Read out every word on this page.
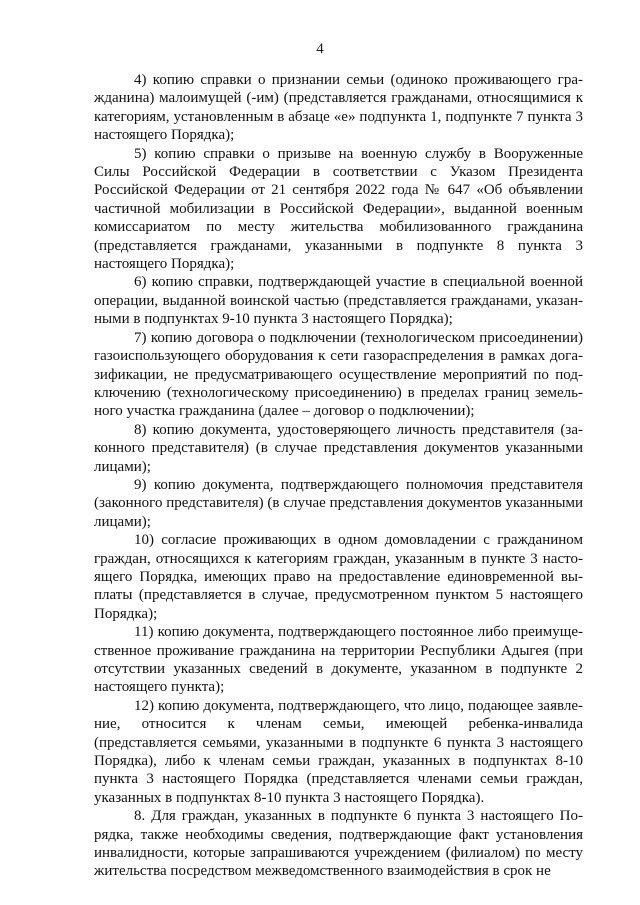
4

4) копию справки о признании семьи (одиноко проживающего гражданина) малоимущей (-им) (представляется гражданами, относящимися к категориям, установленным в абзаце «е» подпункта 1, подпункте 7 пункта 3 настоящего Порядка);

5) копию справки о призыве на военную службу в Вооруженные Силы Российской Федерации в соответствии с Указом Президента Российской Федерации от 21 сентября 2022 года № 647 «Об объявлении частичной мобилизации в Российской Федерации», выданной военным комиссариатом по месту жительства мобилизованного гражданина (представляется гражданами, указанными в подпункте 8 пункта 3 настоящего Порядка);

6) копию справки, подтверждающей участие в специальной военной операции, выданной воинской частью (представляется гражданами, указанными в подпунктах 9-10 пункта 3 настоящего Порядка);

7) копию договора о подключении (технологическом присоединении) газоиспользующего оборудования к сети газораспределения в рамках догазификации, не предусматривающего осуществление мероприятий по подключению (технологическому присоединению) в пределах границ земельного участка гражданина (далее – договор о подключении);

8) копию документа, удостоверяющего личность представителя (законного представителя) (в случае представления документов указанными лицами);

9) копию документа, подтверждающего полномочия представителя (законного представителя) (в случае представления документов указанными лицами);

10) согласие проживающих в одном домовладении с гражданином граждан, относящихся к категориям граждан, указанным в пункте 3 настоящего Порядка, имеющих право на предоставление единовременной выплаты (представляется в случае, предусмотренном пунктом 5 настоящего Порядка);

11) копию документа, подтверждающего постоянное либо преимущественное проживание гражданина на территории Республики Адыгея (при отсутствии указанных сведений в документе, указанном в подпункте 2 настоящего пункта);

12) копию документа, подтверждающего, что лицо, подающее заявление, относится к членам семьи, имеющей ребенка-инвалида (представляется семьями, указанными в подпункте 6 пункта 3 настоящего Порядка), либо к членам семьи граждан, указанных в подпунктах 8-10 пункта 3 настоящего Порядка (представляется членами семьи граждан, указанных в подпунктах 8-10 пункта 3 настоящего Порядка).

8. Для граждан, указанных в подпункте 6 пункта 3 настоящего Порядка, также необходимы сведения, подтверждающие факт установления инвалидности, которые запрашиваются учреждением (филиалом) по месту жительства посредством межведомственного взаимодействия в срок не
